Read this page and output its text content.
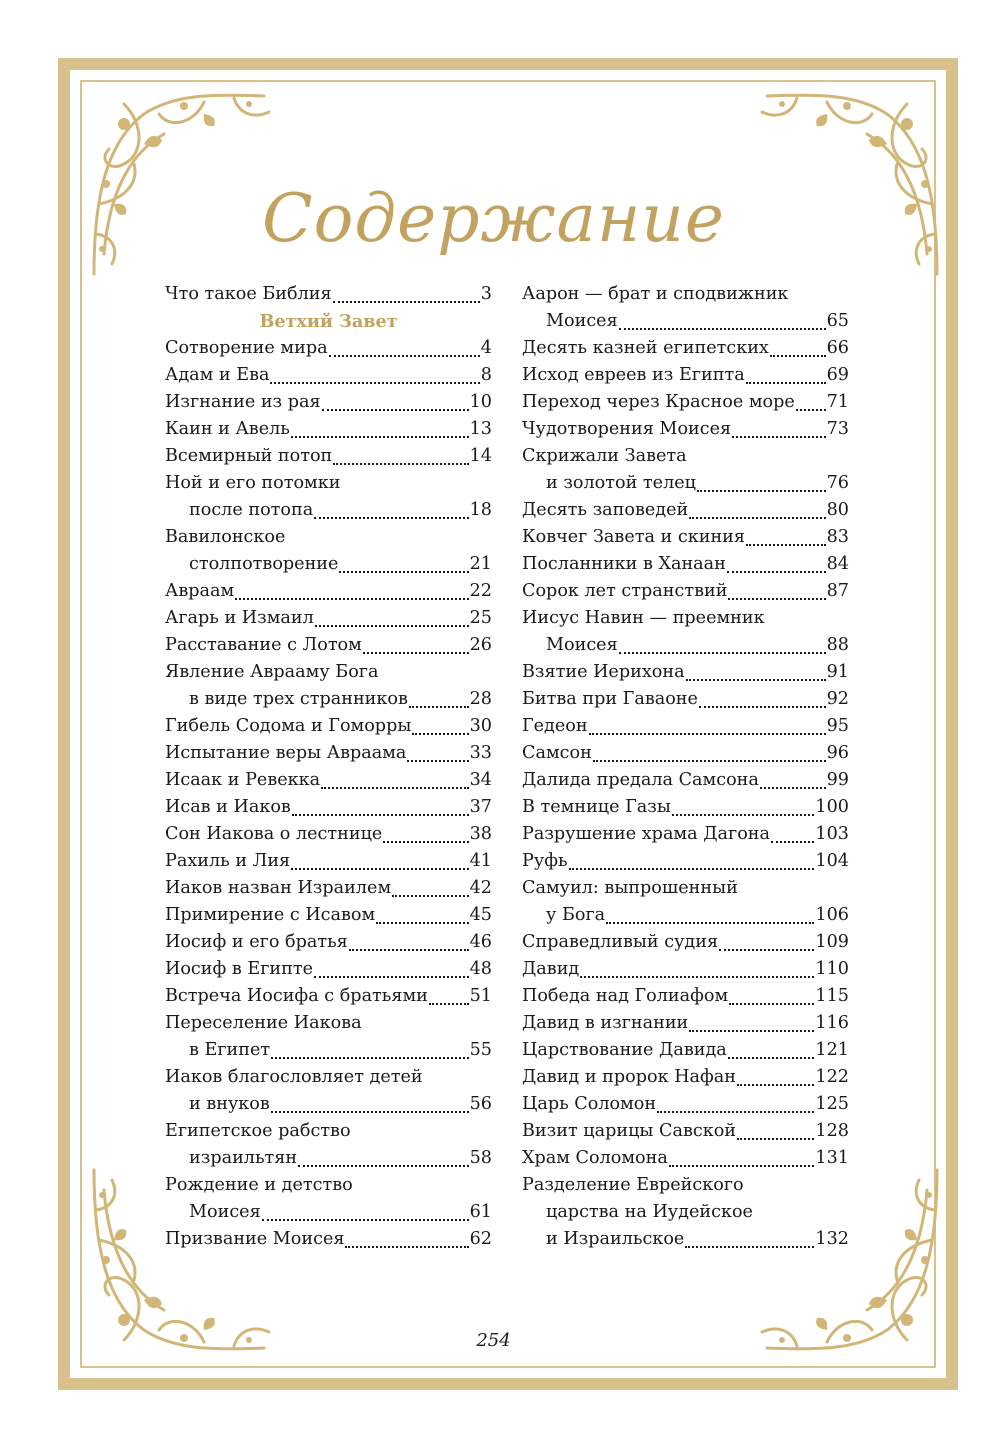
Содержание
Что такое Библия	3
Ветхий Завет
Сотворение мира	4
Адам и Ева	8
Изгнание из рая	10
Каин и Авель	13
Всемирный потоп	14
Ной и его потомки
после потопа	18
Вавилонское
столпотворение	21
Авраам	22
Агарь и Измаил	25
Расставание с Лотом	26
Явление Аврааму Бога
в виде трех странников	28
Гибель Содома и Гоморры	30
Испытание веры Авраама	33
Исаак и Ревекка	34
Исав и Иаков	37
Сон Иакова о лестнице	38
Рахиль и Лия	41
Иаков назван Израилем	42
Примирение с Исавом	45
Иосиф и его братья	46
Иосиф в Египте	48
Встреча Иосифа с братьями 51
Переселение Иакова
в Египет	55
Иаков благословляет детей
и внуков	56
Египетское рабство
израильтян	58
Рождение и детство
Моисея	61
Призвание Моисея	62
Аарон — брат и сподвижник
Моисея	65
Десять казней египетских	66
Исход евреев из Египта	69
Переход через Красное море 71
Чудотворения Моисея	73
Скрижали Завета
и золотой телец	76
Десять заповедей	80
Ковчег Завета и скиния	83
Посланники в Ханаан	84
Сорок лет странствий	87
Иисус Навин — преемник
Моисея	88
Взятие Иерихона	91
Битва при Гаваоне	92
Гедеон	95
Самсон	96
Далида предала Самсона	99
В темнице Газы	100
Разрушение храма Дагона	103
Руфь	104
Самуил: выпрошенный
у Бога	106
Справедливый судия	109
Давид	110
Победа над Голиафом	115
Давид в изгнании	116
Царствование Давида	121
Давид и пророк Нафан	122
Царь Соломон	125
Визит царицы Савской	128
Храм Соломона	131
Разделение Еврейского
царства на Иудейское
и Израильское	132
254
